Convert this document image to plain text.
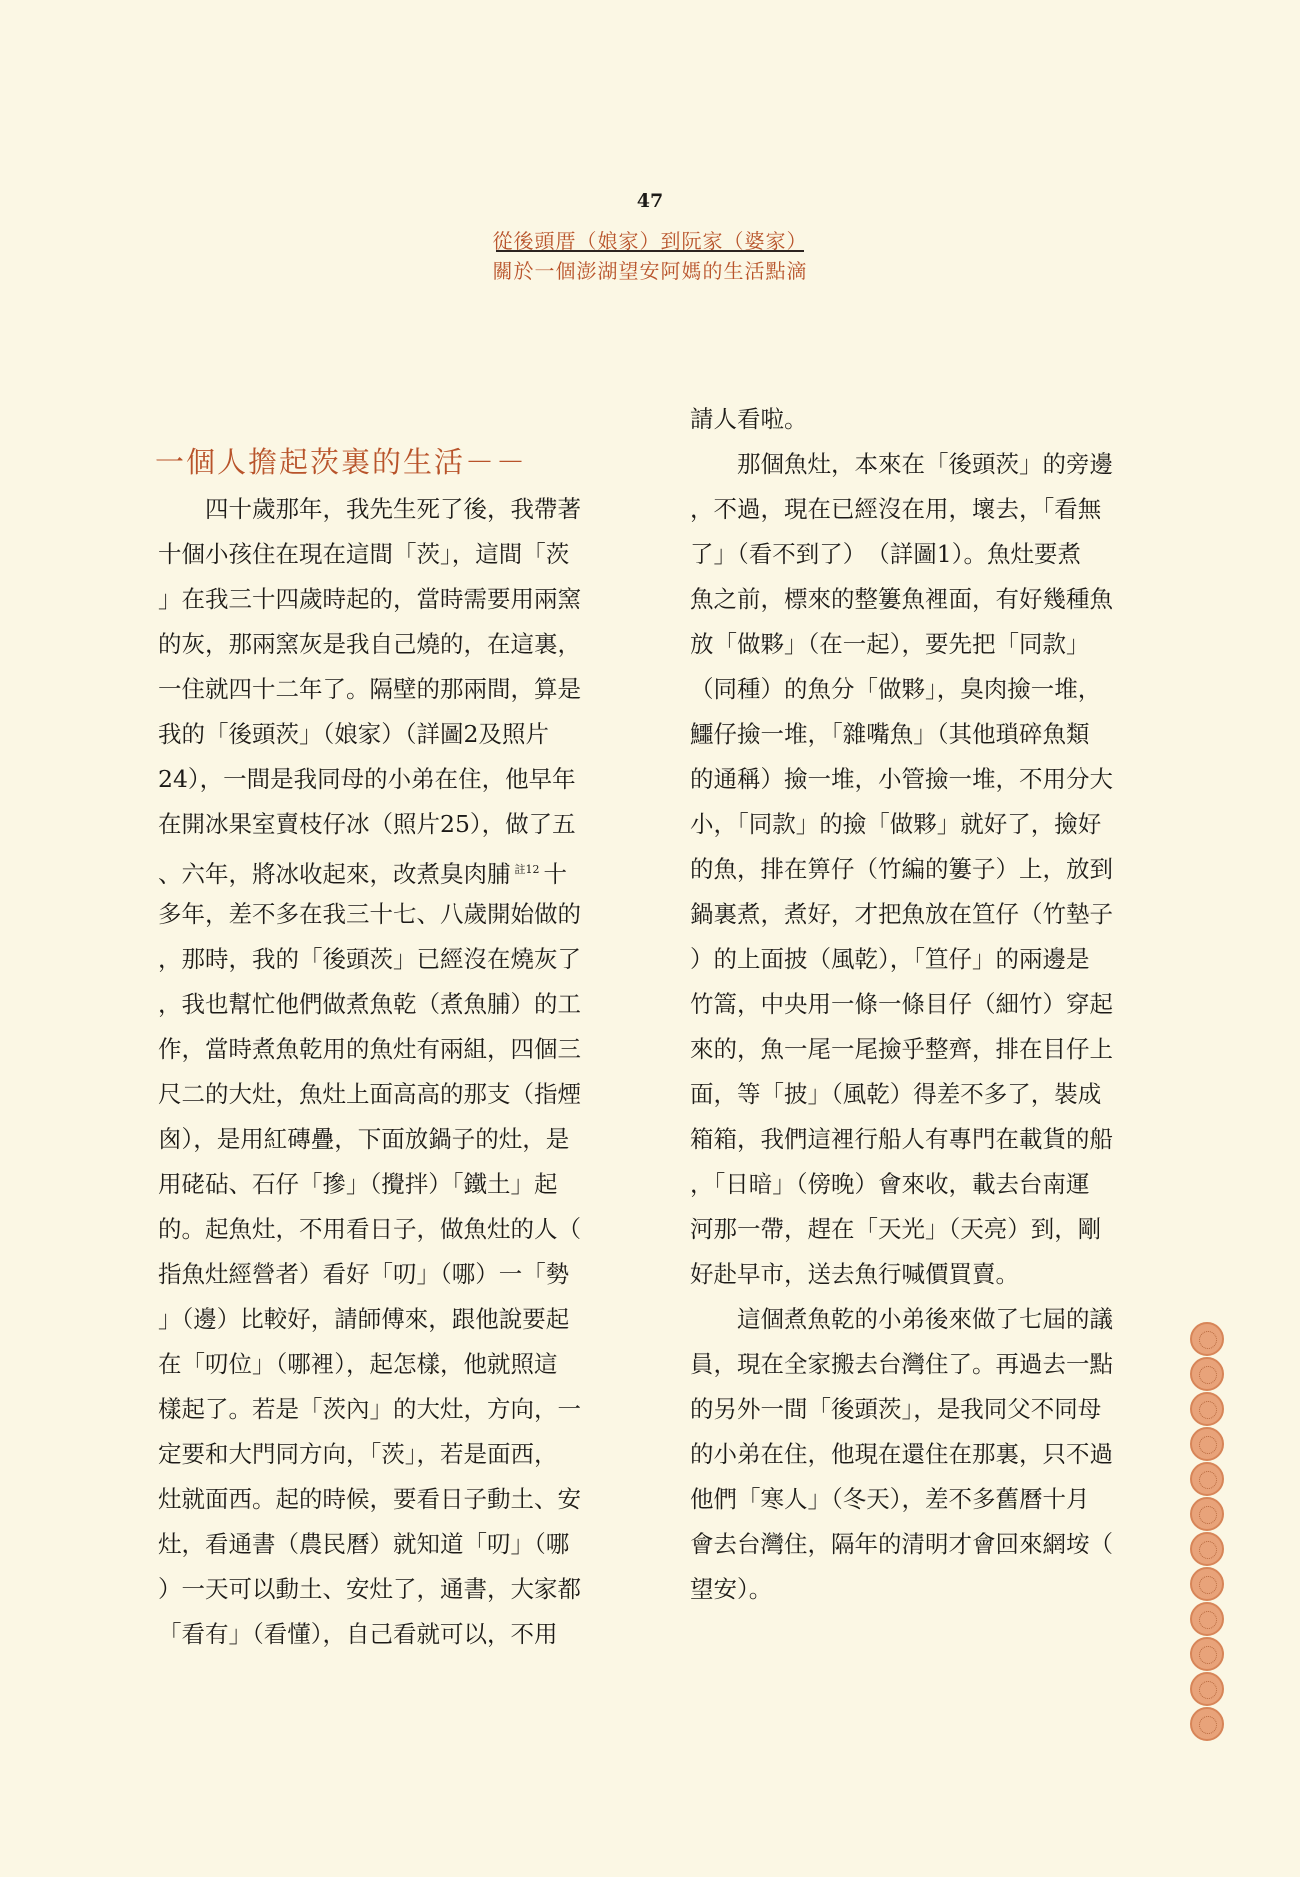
47
從後頭厝（娘家）到阮家（婆家）
關於一個澎湖望安阿媽的生活點滴
一個人擔起茨裏的生活－－
　　四十歲那年，我先生死了後，我帶著
十個小孩住在現在這間「茨」，這間「茨
」在我三十四歲時起的，當時需要用兩窯
的灰，那兩窯灰是我自己燒的，在這裏，
一住就四十二年了。隔壁的那兩間，算是
我的「後頭茨」（娘家）（詳圖2及照片
24），一間是我同母的小弟在住，他早年
在開冰果室賣枝仔冰（照片25），做了五
、六年，將冰收起來，改煮臭肉脯 $^{註12}$ 十
多年，差不多在我三十七、八歲開始做的
，那時，我的「後頭茨」已經沒在燒灰了
，我也幫忙他們做煮魚乾（煮魚脯）的工
作，當時煮魚乾用的魚灶有兩組，四個三
尺二的大灶，魚灶上面高高的那支（指煙
囪），是用紅磚疊，下面放鍋子的灶，是
用硓砧、石仔「摻」（攪拌）「鐵土」起
的。起魚灶，不用看日子，做魚灶的人（
指魚灶經營者）看好「叨」（哪）一「勢
」（邊）比較好，請師傅來，跟他說要起
在「叨位」（哪裡），起怎樣，他就照這
樣起了。若是「茨內」的大灶，方向，一
定要和大門同方向，「茨」，若是面西，
灶就面西。起的時候，要看日子動土、安
灶，看通書（農民曆）就知道「叨」（哪
）一天可以動土、安灶了，通書，大家都
「看有」（看懂），自己看就可以，不用
請人看啦。
　　那個魚灶，本來在「後頭茨」的旁邊
，不過，現在已經沒在用，壞去，「看無
了」（看不到了）　（詳圖1）。魚灶要煮
魚之前，標來的整簍魚裡面，有好幾種魚
放「做夥」（在一起），要先把「同款」
（同種）的魚分「做夥」，臭肉撿一堆，
鱷仔撿一堆，「雜嘴魚」（其他瑣碎魚類
的通稱）撿一堆，小管撿一堆，不用分大
小，「同款」的撿「做夥」就好了，撿好
的魚，排在箅仔（竹編的簍子）上，放到
鍋裏煮，煮好，才把魚放在笪仔（竹墊子
）的上面披（風乾），「笪仔」的兩邊是
竹篙，中央用一條一條目仔（細竹）穿起
來的，魚一尾一尾撿乎整齊，排在目仔上
面，等「披」（風乾）得差不多了，裝成
箱箱，我們這裡行船人有專門在載貨的船
，「日暗」（傍晚）會來收，載去台南運
河那一帶，趕在「天光」（天亮）到，剛
好赴早市，送去魚行喊價買賣。
　　這個煮魚乾的小弟後來做了七屆的議
員，現在全家搬去台灣住了。再過去一點
的另外一間「後頭茨」，是我同父不同母
的小弟在住，他現在還住在那裏，只不過
他們「寒人」（冬天），差不多舊曆十月
會去台灣住，隔年的清明才會回來網垵（
望安）。
